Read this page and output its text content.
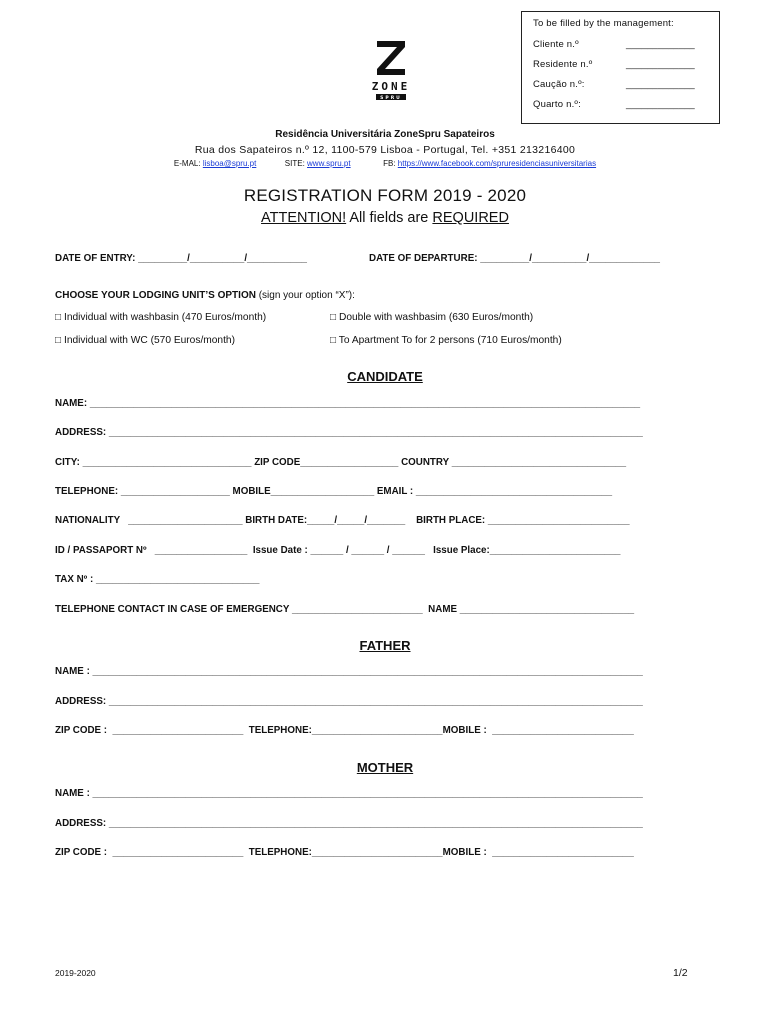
To be filled by the management:
Cliente n.º	_____________
Residente n.º	_____________
Caução n.º:	_____________
Quarto n.º:	_____________
ZONE
SPRU
Residência Universitária ZoneSpru Sapateiros
Rua dos Sapateiros n.º 12, 1100-579 Lisboa - Portugal, Tel. +351 213216400
E-MAL: lisboa@spru.pt	SITE: www.spru.pt	FB: https://www.facebook.com/spruresidenciasuniversitarias
REGISTRATION FORM 2019 - 2020
ATTENTION! All fields are REQUIRED
DATE OF ENTRY: _________/__________/___________	DATE OF DEPARTURE: _________/__________/_____________
CHOOSE YOUR LODGING UNIT’S OPTION (sign your option “X”):
□ Individual with washbasin (470 Euros/month)	□ Double with washbasim (630 Euros/month)
□ Individual with WC (570 Euros/month)	□ To Apartment To for 2 persons (710 Euros/month)
CANDIDATE
NAME: _____________________________________________________________________________________________________
ADDRESS: __________________________________________________________________________________________________
CITY: _______________________________ ZIP CODE__________________ COUNTRY ________________________________
TELEPHONE: ____________________ MOBILE___________________ EMAIL : ____________________________________
NATIONALITY   _____________________ BIRTH DATE:_____/_____/_______    BIRTH PLACE: __________________________
ID / PASSAPORT Nº   _________________  Issue Date : ______ / ______ / ______   Issue Place:________________________
TAX Nº : ______________________________
TELEPHONE CONTACT IN CASE OF EMERGENCY ________________________  NAME ________________________________
FATHER
NAME : _____________________________________________________________________________________________________
ADDRESS: __________________________________________________________________________________________________
ZIP CODE :  ________________________  TELEPHONE:________________________MOBILE :  __________________________
MOTHER
NAME : _____________________________________________________________________________________________________
ADDRESS: __________________________________________________________________________________________________
ZIP CODE :  ________________________  TELEPHONE:________________________MOBILE :  __________________________
2019-2020	1/2
